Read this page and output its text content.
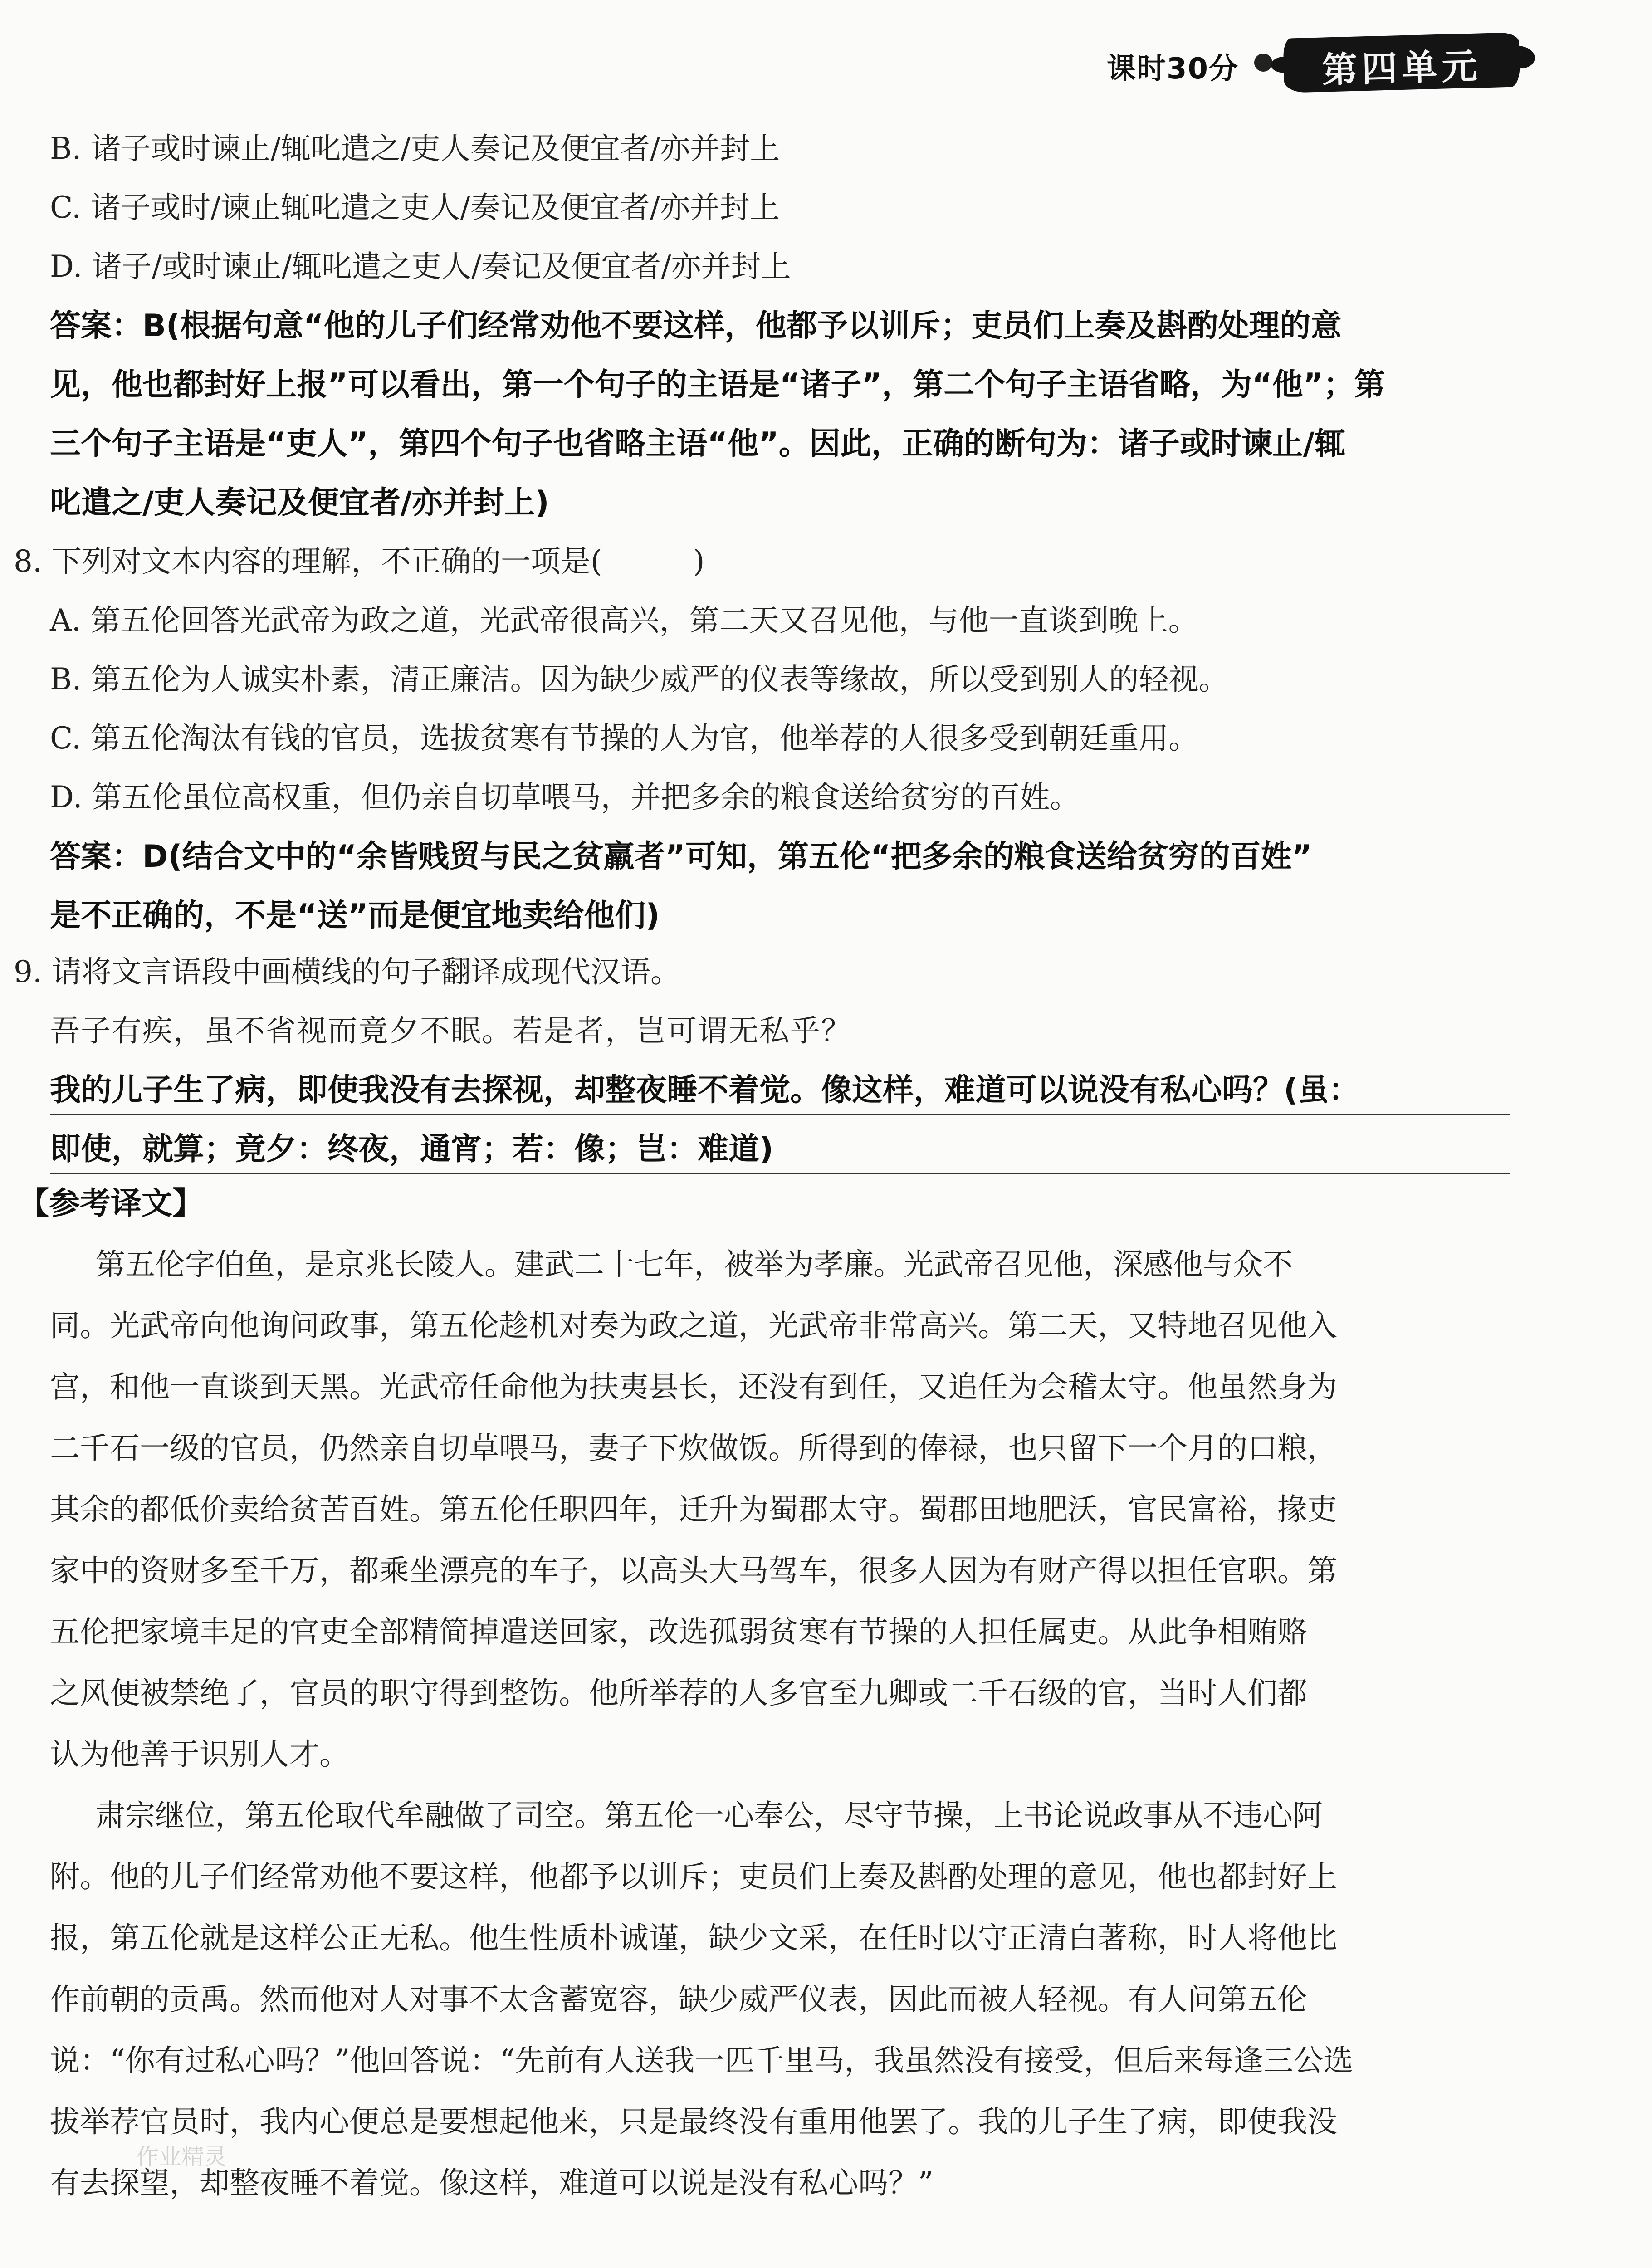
课时30分	第四单元
B. 诸子或时谏止/辄叱遣之/吏人奏记及便宜者/亦并封上
C. 诸子或时/谏止辄叱遣之吏人/奏记及便宜者/亦并封上
D. 诸子/或时谏止/辄叱遣之吏人/奏记及便宜者/亦并封上
答案：B(根据句意“他的儿子们经常劝他不要这样，他都予以训斥；吏员们上奏及斟酌处理的意
见，他也都封好上报”可以看出，第一个句子的主语是“诸子”，第二个句子主语省略，为“他”；第
三个句子主语是“吏人”，第四个句子也省略主语“他”。因此，正确的断句为：诸子或时谏止/辄
叱遣之/吏人奏记及便宜者/亦并封上)
8. 下列对文本内容的理解，不正确的一项是(	)
A. 第五伦回答光武帝为政之道，光武帝很高兴，第二天又召见他，与他一直谈到晚上。
B. 第五伦为人诚实朴素，清正廉洁。因为缺少威严的仪表等缘故，所以受到别人的轻视。
C. 第五伦淘汰有钱的官员，选拔贫寒有节操的人为官，他举荐的人很多受到朝廷重用。
D. 第五伦虽位高权重，但仍亲自切草喂马，并把多余的粮食送给贫穷的百姓。
答案：D(结合文中的“余皆贱贸与民之贫羸者”可知，第五伦“把多余的粮食送给贫穷的百姓”
是不正确的，不是“送”而是便宜地卖给他们)
9. 请将文言语段中画横线的句子翻译成现代汉语。
吾子有疾，虽不省视而竟夕不眠。若是者，岂可谓无私乎？
我的儿子生了病，即使我没有去探视，却整夜睡不着觉。像这样，难道可以说没有私心吗？(虽：
即使，就算；竟夕：终夜，通宵；若：像；岂：难道)
【参考译文】
第五伦字伯鱼，是京兆长陵人。建武二十七年，被举为孝廉。光武帝召见他，深感他与众不
同。光武帝向他询问政事，第五伦趁机对奏为政之道，光武帝非常高兴。第二天，又特地召见他入
宫，和他一直谈到天黑。光武帝任命他为扶夷县长，还没有到任，又追任为会稽太守。他虽然身为
二千石一级的官员，仍然亲自切草喂马，妻子下炊做饭。所得到的俸禄，也只留下一个月的口粮，
其余的都低价卖给贫苦百姓。第五伦任职四年，迁升为蜀郡太守。蜀郡田地肥沃，官民富裕，掾吏
家中的资财多至千万，都乘坐漂亮的车子，以高头大马驾车，很多人因为有财产得以担任官职。第
五伦把家境丰足的官吏全部精简掉遣送回家，改选孤弱贫寒有节操的人担任属吏。从此争相贿赂
之风便被禁绝了，官员的职守得到整饬。他所举荐的人多官至九卿或二千石级的官，当时人们都
认为他善于识别人才。
肃宗继位，第五伦取代牟融做了司空。第五伦一心奉公，尽守节操，上书论说政事从不违心阿
附。他的儿子们经常劝他不要这样，他都予以训斥；吏员们上奏及斟酌处理的意见，他也都封好上
报，第五伦就是这样公正无私。他生性质朴诚谨，缺少文采，在任时以守正清白著称，时人将他比
作前朝的贡禹。然而他对人对事不太含蓄宽容，缺少威严仪表，因此而被人轻视。有人问第五伦
说：“你有过私心吗？”他回答说：“先前有人送我一匹千里马，我虽然没有接受，但后来每逢三公选
拔举荐官员时，我内心便总是要想起他来，只是最终没有重用他罢了。我的儿子生了病，即使我没
有去探望，却整夜睡不着觉。像这样，难道可以说是没有私心吗？”
作业精灵
